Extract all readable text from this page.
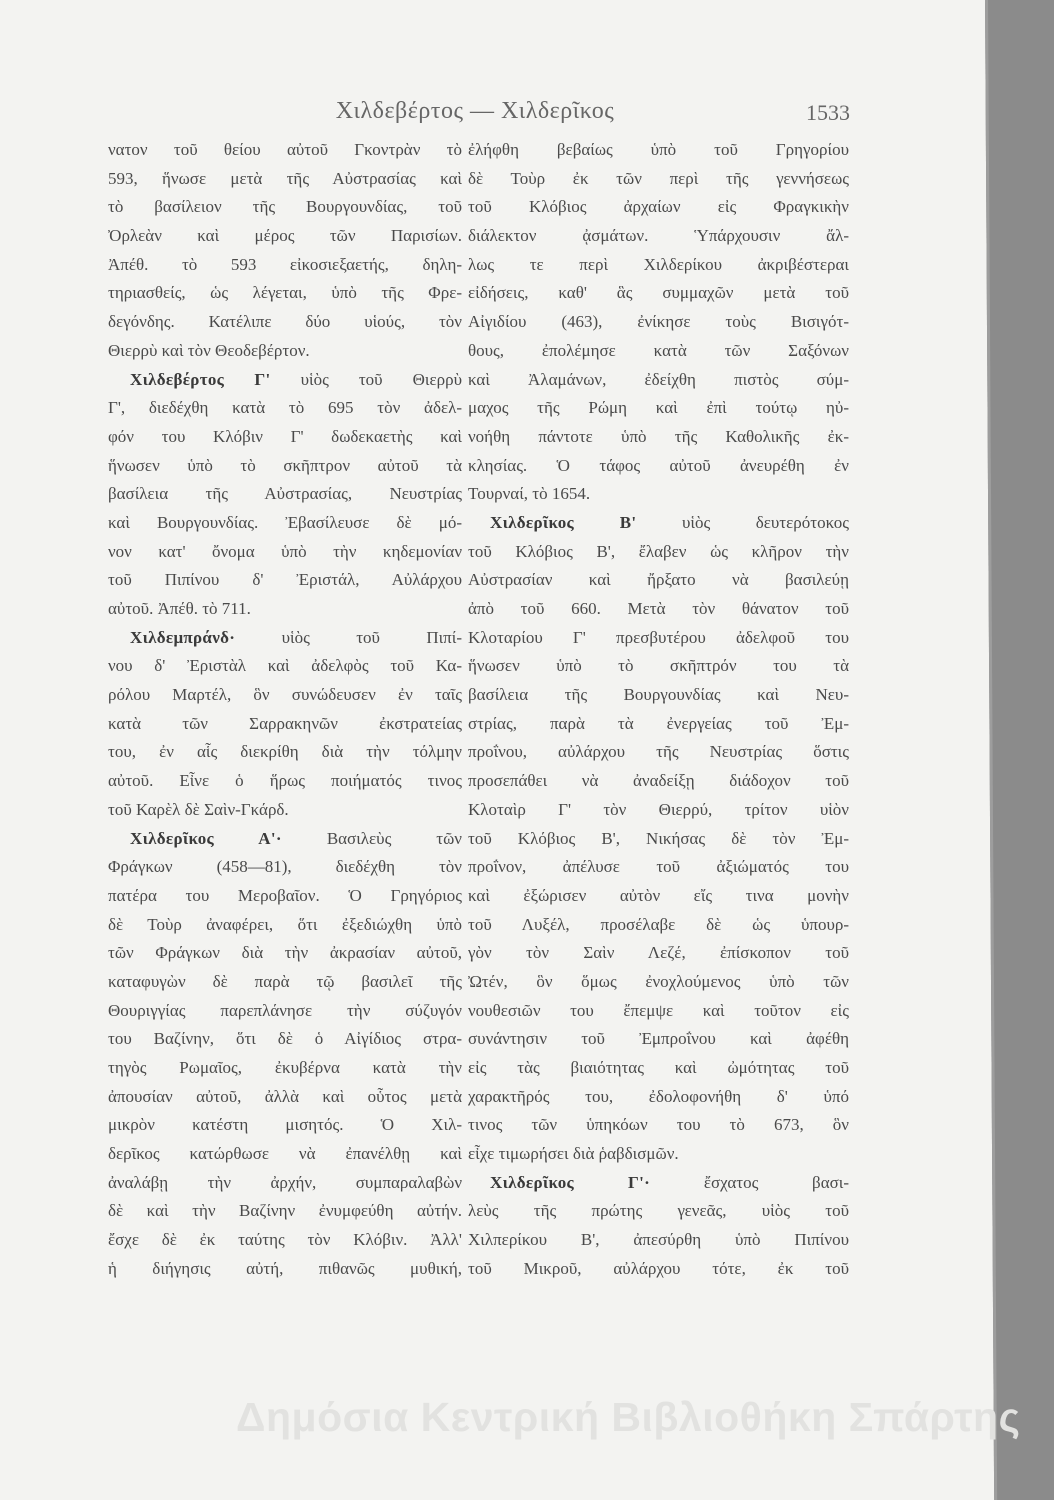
Χιλδεβέρτος — Χιλδερῖκος	1533
νατον τοῦ θείου αὐτοῦ Γκοντρὰν τὸ
593, ἥνωσε μετὰ τῆς Αὐστρασίας καὶ
τὸ βασίλειον τῆς Βουργουνδίας, τοῦ
Ὀρλεὰν καὶ μέρος τῶν Παρισίων.
Ἀπέθ. τὸ 593 εἰκοσιεξαετής, δηλη-
τηριασθείς, ὡς λέγεται, ὑπὸ τῆς Φρε-
δεγόνδης. Κατέλιπε δύο υἱούς, τὸν
Θιερρὺ καὶ τὸν Θεοδεβέρτον.
Χιλδεβέρτος Γ' υἱὸς τοῦ Θιερρὺ
Γ', διεδέχθη κατὰ τὸ 695 τὸν ἀδελ-
φόν του Κλόβιν Γ' δωδεκαετὴς καὶ
ἥνωσεν ὑπὸ τὸ σκῆπτρον αὐτοῦ τὰ
βασίλεια τῆς Αὐστρασίας, Νευστρίας
καὶ Βουργουνδίας. Ἐβασίλευσε δὲ μό-
νον κατ' ὄνομα ὑπὸ τὴν κηδεμονίαν
τοῦ Πιπίνου δ' Ἐριστάλ, Αὐλάρχου
αὐτοῦ. Ἀπέθ. τὸ 711.
Χιλδεμπράνδ· υἱὸς τοῦ Πιπί-
νου δ' Ἐριστὰλ καὶ ἀδελφὸς τοῦ Κα-
ρόλου Μαρτέλ, ὃν συνώδευσεν ἐν ταῖς
κατὰ τῶν Σαρρακηνῶν ἐκστρατείας
του, ἐν αἷς διεκρίθη διὰ τὴν τόλμην
αὐτοῦ. Εἶνε ὁ ἥρως ποιήματός τινος
τοῦ Καρὲλ δὲ Σαὶν-Γκάρδ.
Χιλδερῖκος Α'· Βασιλεὺς τῶν
Φράγκων (458—81), διεδέχθη τὸν
πατέρα του Μεροβαῖον. Ὁ Γρηγόριος
δὲ Τοὺρ ἀναφέρει, ὅτι ἐξεδιώχθη ὑπὸ
τῶν Φράγκων διὰ τὴν ἀκρασίαν αὐτοῦ,
καταφυγὼν δὲ παρὰ τῷ βασιλεῖ τῆς
Θουριγγίας παρεπλάνησε τὴν σύζυγόν
του Βαζίνην, ὅτι δὲ ὁ Αἰγίδιος στρα-
τηγὸς Ρωμαῖος, ἐκυβέρνα κατὰ τὴν
ἀπουσίαν αὐτοῦ, ἀλλὰ καὶ οὗτος μετὰ
μικρὸν κατέστη μισητός. Ὁ Χιλ-
δερῖκος κατώρθωσε νὰ ἐπανέλθῃ καὶ
ἀναλάβῃ τὴν ἀρχήν, συμπαραλαβὼν
δὲ καὶ τὴν Βαζίνην ἐνυμφεύθη αὐτήν.
ἔσχε δὲ ἐκ ταύτης τὸν Κλόβιν. Ἀλλ'
ἡ διήγησις αὐτή, πιθανῶς μυθική,
ἐλήφθη βεβαίως ὑπὸ τοῦ Γρηγορίου
δὲ Τοὺρ ἐκ τῶν περὶ τῆς γεννήσεως
τοῦ Κλόβιος ἀρχαίων εἰς Φραγκικὴν
διάλεκτον ᾀσμάτων. Ὑπάρχουσιν ἄλ-
λως τε περὶ Χιλδερίκου ἀκριβέστεραι
εἰδήσεις, καθ' ἃς συμμαχῶν μετὰ τοῦ
Αἰγιδίου (463), ἐνίκησε τοὺς Βισιγότ-
θους, ἐπολέμησε κατὰ τῶν Σαξόνων
καὶ Ἀλαμάνων, ἐδείχθη πιστὸς σύμ-
μαχος τῆς Ρώμη καὶ ἐπὶ τούτῳ ηὐ-
νοήθη πάντοτε ὑπὸ τῆς Καθολικῆς ἐκ-
κλησίας. Ὁ τάφος αὐτοῦ ἀνευρέθη ἐν
Τουρναί, τὸ 1654.
Χιλδερῖκος Β' υἱὸς δευτερότοκος
τοῦ Κλόβιος Β', ἔλαβεν ὡς κλῆρον τὴν
Αὐστρασίαν καὶ ἤρξατο νὰ βασιλεύῃ
ἀπὸ τοῦ 660. Μετὰ τὸν θάνατον τοῦ
Κλοταρίου Γ' πρεσβυτέρου ἀδελφοῦ του
ἥνωσεν ὑπὸ τὸ σκῆπτρόν του τὰ
βασίλεια τῆς Βουργουνδίας καὶ Νευ-
στρίας, παρὰ τὰ ἐνεργείας τοῦ Ἐμ-
προΐνου, αὐλάρχου τῆς Νευστρίας ὅστις
προσεπάθει νὰ ἀναδείξῃ διάδοχον τοῦ
Κλοταὶρ Γ' τὸν Θιερρύ, τρίτον υἱὸν
τοῦ Κλόβιος Β', Νικήσας δὲ τὸν Ἐμ-
προΐνον, ἀπέλυσε τοῦ ἀξιώματός του
καὶ ἐξώρισεν αὐτὸν εἴς τινα μονὴν
τοῦ Λυξέλ, προσέλαβε δὲ ὡς ὑπουρ-
γὸν τὸν Σαὶν Λεζέ, ἐπίσκοπον τοῦ
Ὠτέν, ὃν ὅμως ἐνοχλούμενος ὑπὸ τῶν
νουθεσιῶν του ἔπεμψε καὶ τοῦτον εἰς
συνάντησιν τοῦ Ἐμπροΐνου καὶ ἀφέθη
εἰς τὰς βιαιότητας καὶ ὠμότητας τοῦ
χαρακτῆρός του, ἐδολοφονήθη δ' ὑπό
τινος τῶν ὑπηκόων του τὸ 673, ὃν
εἶχε τιμωρήσει διὰ ῥαβδισμῶν.
Χιλδερῖκος Γ'· ἔσχατος βασι-
λεὺς τῆς πρώτης γενεᾶς, υἱὸς τοῦ
Χιλπερίκου Β', ἀπεσύρθη ὑπὸ Πιπίνου
τοῦ Μικροῦ, αὐλάρχου τότε, ἐκ τοῦ
Δημόσια Κεντρική Βιβλιοθήκη Σπάρτης
